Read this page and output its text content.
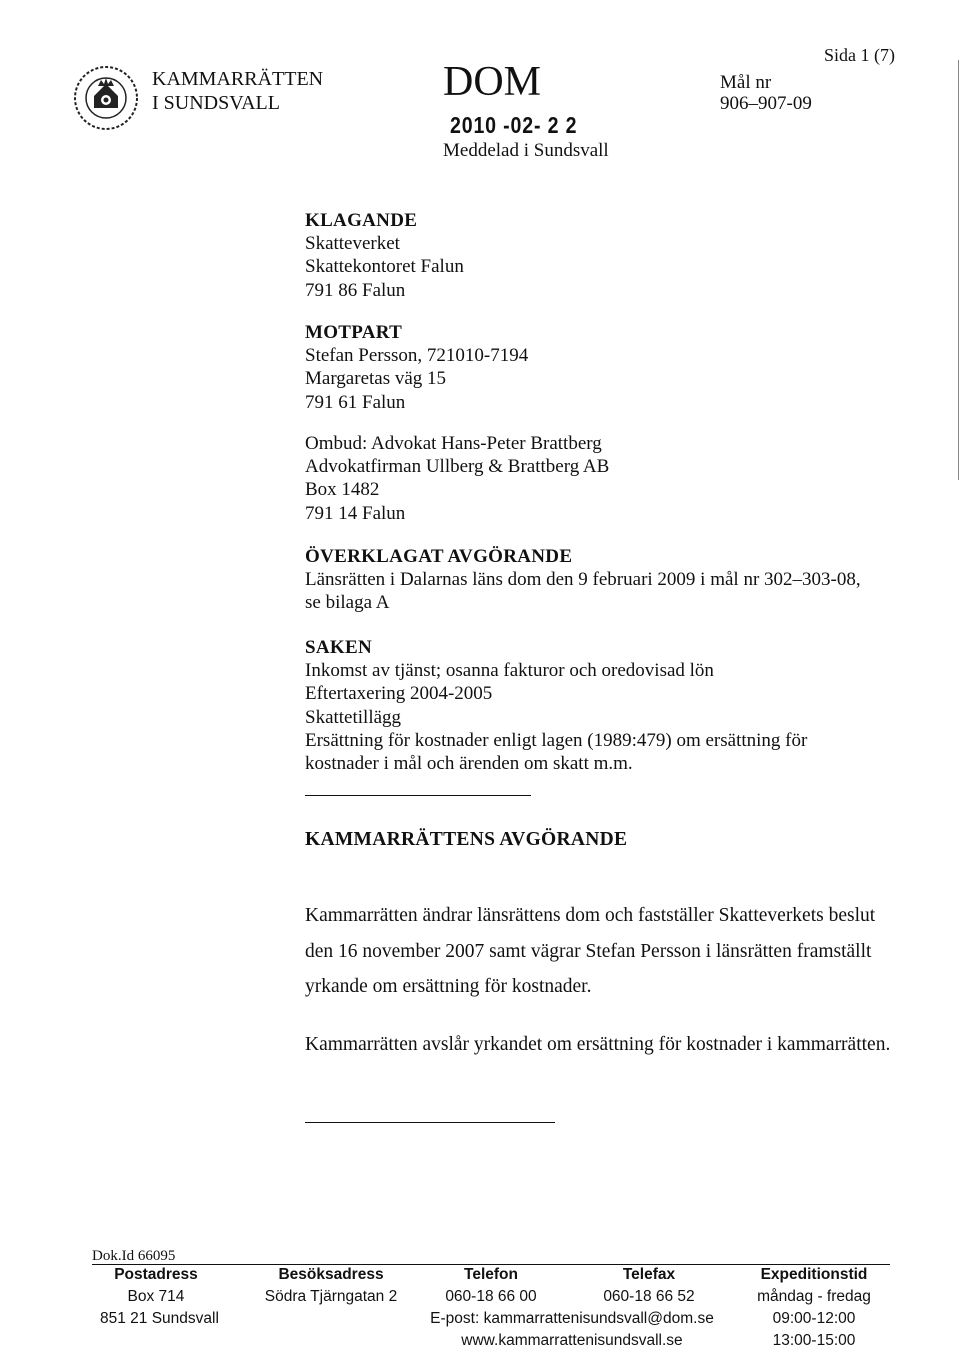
KAMMARRÄTTEN
I SUNDSVALL	DOM
2010 -02- 2 2
Meddelad i Sundsvall
Mål nr
906–907-09
Sida 1 (7)
KLAGANDE
Skatteverket
Skattekontoret Falun
791 86 Falun
MOTPART
Stefan Persson, 721010-7194
Margaretas väg 15
791 61 Falun
Ombud: Advokat Hans-Peter Brattberg
Advokatfirman Ullberg & Brattberg AB
Box 1482
791 14 Falun
ÖVERKLAGAT AVGÖRANDE
Länsrätten i Dalarnas läns dom den 9 februari 2009 i mål nr 302–303-08,
se bilaga A
SAKEN
Inkomst av tjänst; osanna fakturor och oredovisad lön
Eftertaxering 2004-2005
Skattetillägg
Ersättning för kostnader enligt lagen (1989:479) om ersättning för
kostnader i mål och ärenden om skatt m.m.
KAMMARRÄTTENS AVGÖRANDE
Kammarrätten ändrar länsrättens dom och fastställer Skatteverkets beslut
den 16 november 2007 samt vägrar Stefan Persson i länsrätten framställt
yrkande om ersättning för kostnader.
Kammarrätten avslår yrkandet om ersättning för kostnader i kammarrätten.
Dok.Id 66095
Postadress
Box 714
851 21 Sundsvall
Besöksadress
Södra Tjärngatan 2
Telefon
060-18 66 00
Telefax
060-18 66 52
E-post: kammarrattenisundsvall@dom.se
www.kammarrattenisundsvall.se
Expeditionstid
måndag - fredag
09:00-12:00
13:00-15:00
